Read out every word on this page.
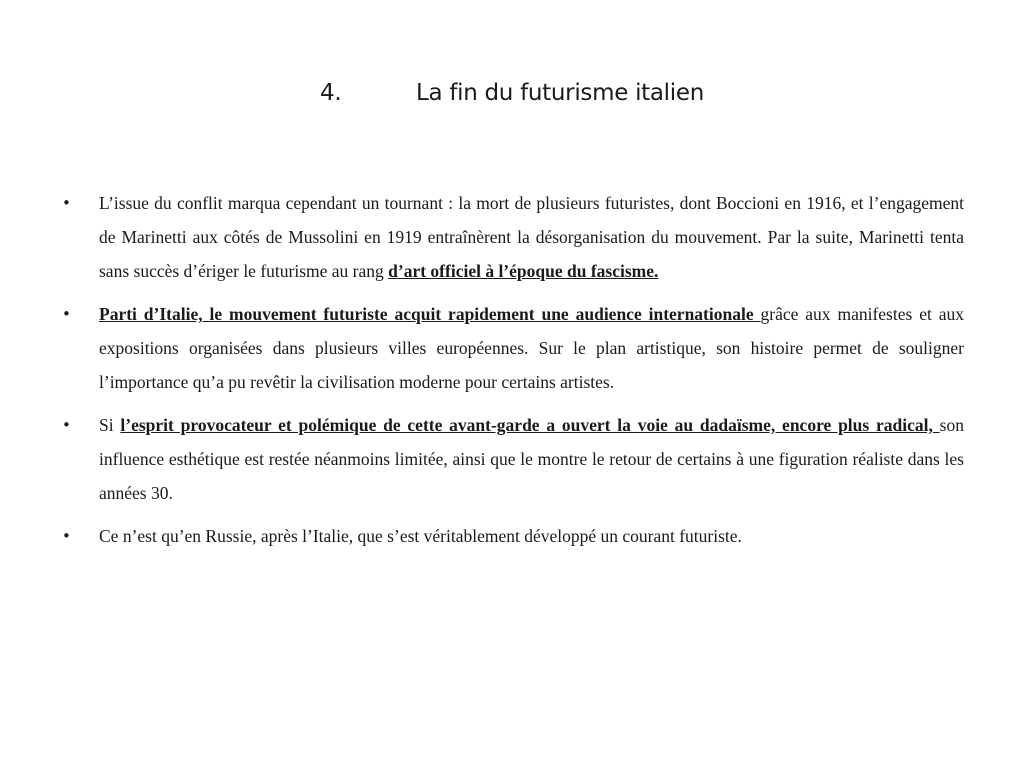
4.	La fin du futurisme italien
• L’issue du conflit marqua cependant un tournant : la mort de plusieurs futuristes, dont Boccioni en 1916, et l’engagement de Marinetti aux côtés de Mussolini en 1919 entraînèrent la désorganisation du mouvement. Par la suite, Marinetti tenta sans succès d’ériger le futurisme au rang d’art officiel à l’époque du fascisme.
• Parti d’Italie, le mouvement futuriste acquit rapidement une audience internationale grâce aux manifestes et aux expositions organisées dans plusieurs villes européennes. Sur le plan artistique, son histoire permet de souligner l’importance qu’a pu revêtir la civilisation moderne pour certains artistes.
• Si l’esprit provocateur et polémique de cette avant-garde a ouvert la voie au dadaïsme, encore plus radical, son influence esthétique est restée néanmoins limitée, ainsi que le montre le retour de certains à une figuration réaliste dans les années 30.
• Ce n’est qu’en Russie, après l’Italie, que s’est véritablement développé un courant futuriste.
